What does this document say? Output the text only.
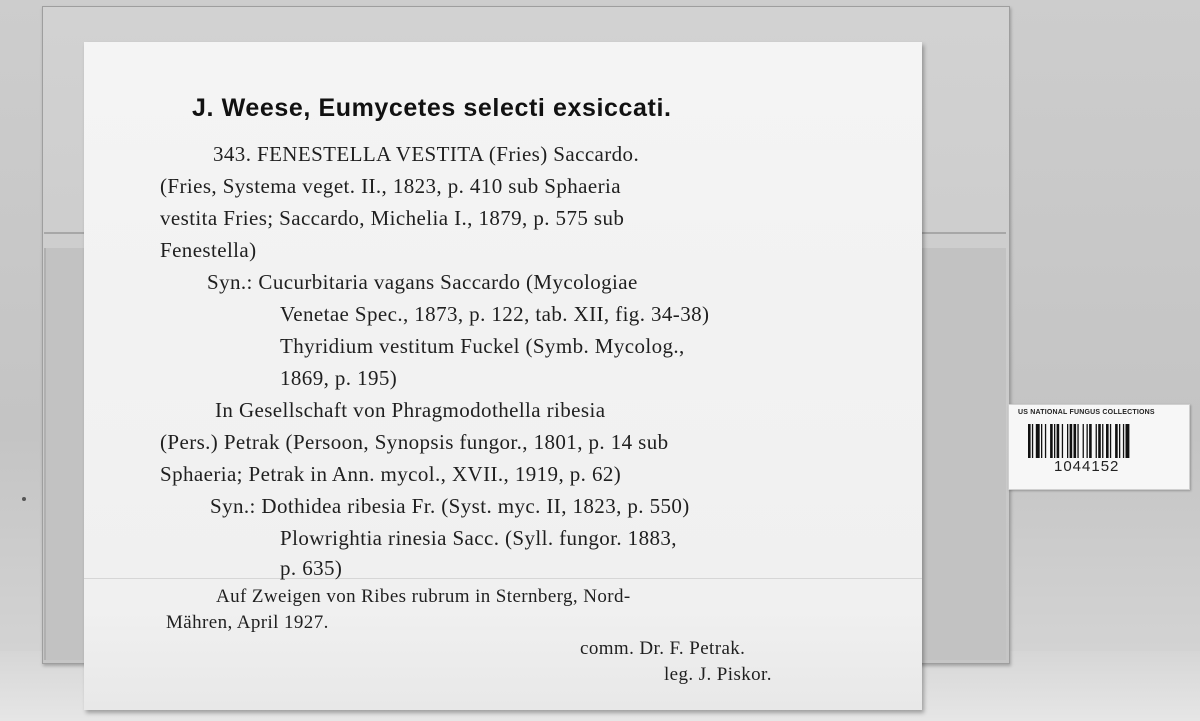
J. Weese, Eumycetes selecti exsiccati.
343. FENESTELLA VESTITA (Fries) Saccardo.
(Fries, Systema veget. II., 1823, p. 410 sub Sphaeria
vestita Fries; Saccardo, Michelia I., 1879, p. 575 sub
Fenestella)
Syn.: Cucurbitaria vagans Saccardo (Mycologiae
Venetae Spec., 1873, p. 122, tab. XII, fig. 34-38)
Thyridium vestitum Fuckel (Symb. Mycolog.,
1869, p. 195)
In Gesellschaft von Phragmodothella ribesia
(Pers.) Petrak (Persoon, Synopsis fungor., 1801, p. 14 sub
Sphaeria; Petrak in Ann. mycol., XVII., 1919, p. 62)
Syn.: Dothidea ribesia Fr. (Syst. myc. II, 1823, p. 550)
Plowrightia rinesia Sacc. (Syll. fungor. 1883,
p. 635)
Auf Zweigen von Ribes rubrum in Sternberg, Nord-
Mähren, April 1927.
comm. Dr. F. Petrak.
leg. J. Piskor.
US NATIONAL FUNGUS COLLECTIONS
1044152
